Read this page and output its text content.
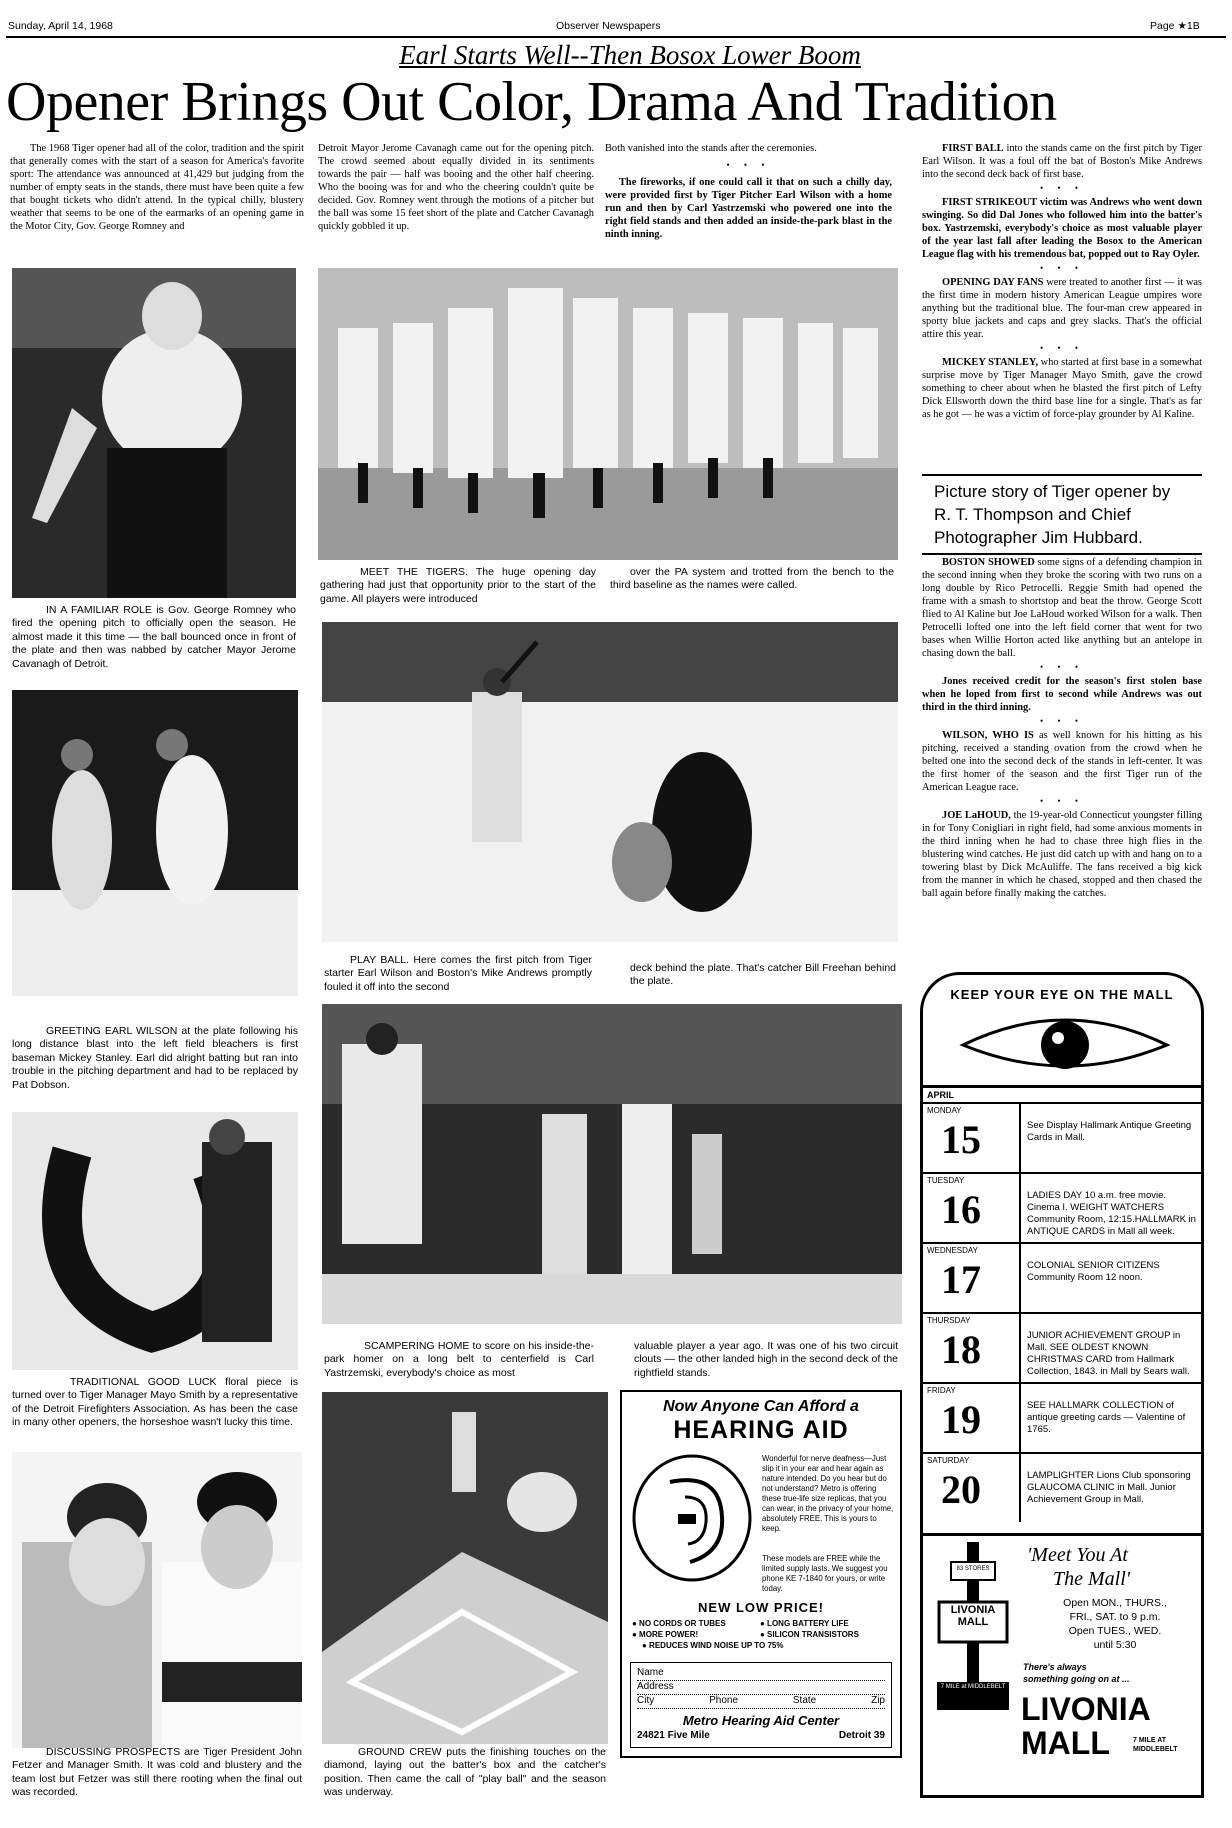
Sunday, April 14, 1968	Observer Newspapers	Page ★1B
Earl Starts Well--Then Bosox Lower Boom
Opener Brings Out Color, Drama And Tradition
The 1968 Tiger opener had all of the color, tradition and the spirit that generally comes with the start of a season for America's favorite sport: The attendance was announced at 41,429 but judging from the number of empty seats in the stands, there must have been quite a few that bought tickets who didn't attend. In the typical chilly, blustery weather that seems to be one of the earmarks of an opening game in the Motor City, Gov. George Romney and
Detroit Mayor Jerome Cavanagh came out for the opening pitch. The crowd seemed about equally divided in its sentiments towards the pair — half was booing and the other half cheering. Who the booing was for and who the cheering couldn't quite be decided. Gov. Romney went through the motions of a pitcher but the ball was some 15 feet short of the plate and Catcher Cavanagh quickly gobbled it up.
Both vanished into the stands after the ceremonies.
• • •
The fireworks, if one could call it that on such a chilly day, were provided first by Tiger Pitcher Earl Wilson with a home run and then by Carl Yastrzemski who powered one into the right field stands and then added an inside-the-park blast in the ninth inning.
FIRST BALL into the stands came on the first pitch by Tiger Earl Wilson. It was a foul off the bat of Boston's Mike Andrews into the second deck back of first base.
• • •
FIRST STRIKEOUT victim was Andrews who went down swinging. So did Dal Jones who followed him into the batter's box. Yastrzemski, everybody's choice as most valuable player of the year last fall after leading the Bosox to the American League flag with his tremendous bat, popped out to Ray Oyler.
• • •
OPENING DAY FANS were treated to another first — it was the first time in modern history American League umpires wore anything but the traditional blue. The four-man crew appeared in sporty blue jackets and caps and grey slacks. That's the official attire this year.
• • •
MICKEY STANLEY, who started at first base in a somewhat surprise move by Tiger Manager Mayo Smith, gave the crowd something to cheer about when he blasted the first pitch of Lefty Dick Ellsworth down the third base line for a single. That's as far as he got — he was a victim of force-play grounder by Al Kaline.
Picture story of Tiger opener by R. T. Thompson and Chief Photographer Jim Hubbard.
BOSTON SHOWED some signs of a defending champion in the second inning when they broke the scoring with two runs on a long double by Rico Petrocelli. Reggie Smith had opened the frame with a smash to shortstop and beat the throw. George Scott flied to Al Kaline but Joe LaHoud worked Wilson for a walk. Then Petrocelli lofted one into the left field corner that went for two bases when Willie Horton acted like anything but an antelope in chasing down the ball.
• • •
Jones received credit for the season's first stolen base when he loped from first to second while Andrews was out third in the third inning.
• • •
WILSON, WHO IS as well known for his hitting as his pitching, received a standing ovation from the crowd when he belted one into the second deck of the stands in left-center. It was the first homer of the season and the first Tiger run of the American League race.
• • •
JOE LaHOUD, the 19-year-old Connecticut youngster filling in for Tony Conigliari in right field, had some anxious moments in the third inning when he had to chase three high flies in the blustering wind catches. He just did catch up with and hang on to a towering blast by Dick McAuliffe. The fans received a big kick from the manner in which he chased, stopped and then chased the ball again before finally making the catches.
IN A FAMILIAR ROLE is Gov. George Romney who fired the opening pitch to officially open the season. He almost made it this time — the ball bounced once in front of the plate and then was nabbed by catcher Mayor Jerome Cavanagh of Detroit.
GREETING EARL WILSON at the plate following his long distance blast into the left field bleachers is first baseman Mickey Stanley. Earl did alright batting but ran into trouble in the pitching department and had to be replaced by Pat Dobson.
TRADITIONAL GOOD LUCK floral piece is turned over to Tiger Manager Mayo Smith by a representative of the Detroit Firefighters Association. As has been the case in many other openers, the horseshoe wasn't lucky this time.
DISCUSSING PROSPECTS are Tiger President John Fetzer and Manager Smith. It was cold and blustery and the team lost but Fetzer was still there rooting when the final out was recorded.
MEET THE TIGERS. The huge opening day gathering had just that opportunity prior to the start of the game. All players were introduced
over the PA system and trotted from the bench to the third baseline as the names were called.
PLAY BALL. Here comes the first pitch from Tiger starter Earl Wilson and Boston's Mike Andrews promptly fouled it off into the second
deck behind the plate. That's catcher Bill Freehan behind the plate.
SCAMPERING HOME to score on his inside-the-park homer on a long belt to centerfield is Carl Yastrzemski, everybody's choice as most
valuable player a year ago. It was one of his two circuit clouts — the other landed high in the second deck of the rightfield stands.
GROUND CREW puts the finishing touches on the diamond, laying out the batter's box and the catcher's position. Then came the call of "play ball" and the season was underway.
Now Anyone Can Afford a
HEARING AID
Wonderful for nerve deafness—Just slip it in your ear and hear again as nature intended. Do you hear but do not understand? Metro is offering these true-life size replicas, that you can wear, in the privacy of your home, absolutely FREE. This is yours to keep.
These models are FREE while the limited supply lasts. We suggest you phone KE 7-1840 for yours, or write today.
NEW LOW PRICE!
● NO CORDS OR TUBES	● LONG BATTERY LIFE
● MORE POWER!	● SILICON TRANSISTORS
● REDUCES WIND NOISE UP TO 75%
Name
Address
City	Phone	State	Zip
Metro Hearing Aid Center
24821 Five Mile	Detroit 39
KEEP YOUR EYE ON THE MALL
APRIL
MONDAY
15	See Display Hallmark Antique Greeting Cards in Mall.
TUESDAY
16	LADIES DAY 10 a.m. free movie. Cinema I. WEIGHT WATCHERS Community Room, 12:15.HALLMARK in ANTIQUE CARDS in Mall all week.
WEDNESDAY
17	COLONIAL SENIOR CITIZENS Community Room 12 noon.
THURSDAY
18	JUNIOR ACHIEVEMENT GROUP in Mall. SEE OLDEST KNOWN CHRISTMAS CARD from Hallmark Collection, 1843. in Mall by Sears wall.
FRIDAY
19	SEE HALLMARK COLLECTION of antique greeting cards — Valentine of 1765.
SATURDAY
20	LAMPLIGHTER Lions Club sponsoring GLAUCOMA CLINIC in Mall. Junior Achievement Group in Mall.
83 STORES
LIVONIA MALL
7 MILE at MIDDLEBELT
'Meet You At
The Mall'
Open MON., THURS.,
FRI., SAT. to 9 p.m.
Open TUES., WED.
until 5:30
There's always
something going on at ...
LIVONIA
MALL	7 MILE AT MIDDLEBELT
